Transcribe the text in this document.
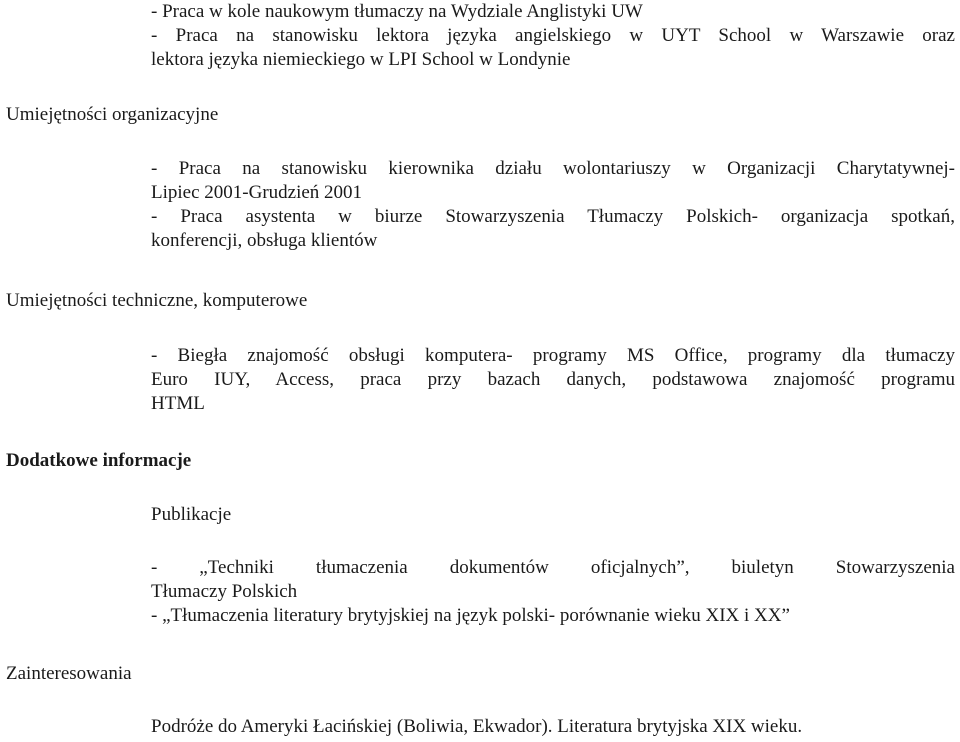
- Praca w kole naukowym tłumaczy na Wydziale Anglistyki UW
- Praca na stanowisku lektora języka angielskiego w UYT School w Warszawie oraz
lektora języka niemieckiego w LPI School w Londynie
Umiejętności organizacyjne
- Praca na stanowisku kierownika działu wolontariuszy w Organizacji Charytatywnej-
Lipiec 2001-Grudzień 2001
- Praca asystenta w biurze Stowarzyszenia Tłumaczy Polskich- organizacja spotkań,
konferencji, obsługa klientów
Umiejętności techniczne, komputerowe
- Biegła znajomość obsługi komputera- programy MS Office, programy dla tłumaczy
Euro IUY, Access, praca przy bazach danych, podstawowa znajomość programu
HTML
Dodatkowe informacje
Publikacje
- „Techniki tłumaczenia dokumentów oficjalnych”, biuletyn Stowarzyszenia
Tłumaczy Polskich
- „Tłumaczenia literatury brytyjskiej na język polski- porównanie wieku XIX i XX”
Zainteresowania
Podróże do Ameryki Łacińskiej (Boliwia, Ekwador). Literatura brytyjska XIX wieku.
